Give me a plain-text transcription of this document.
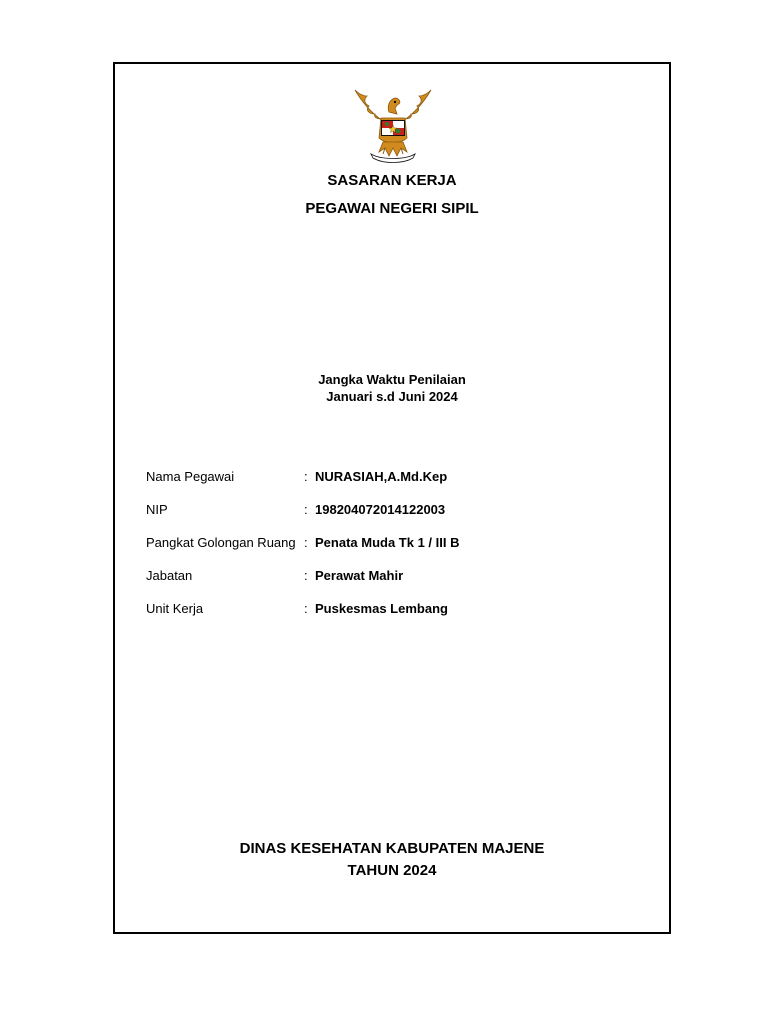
SASARAN KERJA
PEGAWAI NEGERI SIPIL
Jangka Waktu Penilaian
Januari s.d Juni 2024
Nama Pegawai	: NURASIAH,A.Md.Kep
NIP	: 198204072014122003
Pangkat Golongan Ruang : Penata Muda Tk 1 / III B
Jabatan	: Perawat Mahir
Unit Kerja	: Puskesmas Lembang
DINAS KESEHATAN KABUPATEN MAJENE
TAHUN 2024
